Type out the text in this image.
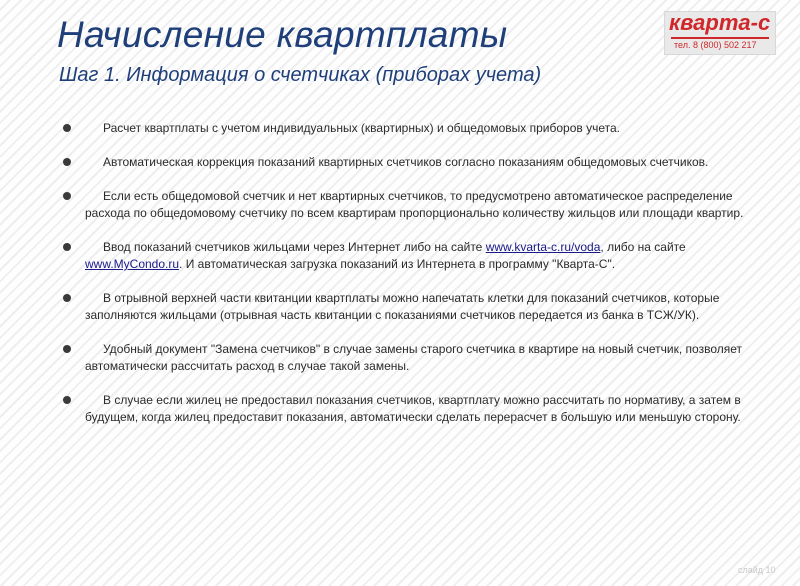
Начисление квартплаты
Шаг 1. Информация о счетчиках (приборах учета)
кварта-с
тел. 8 (800) 502 217
Расчет квартплаты с учетом индивидуальных (квартирных) и общедомовых приборов учета.
Автоматическая коррекция показаний квартирных счетчиков согласно показаниям общедомовых счетчиков.
Если есть общедомовой счетчик и нет квартирных счетчиков, то предусмотрено автоматическое распределение расхода по общедомовому счетчику по всем квартирам пропорционально количеству жильцов или площади квартир.
Ввод показаний счетчиков жильцами через Интернет либо на сайте www.kvarta-c.ru/voda, либо на сайте www.MyCondo.ru. И автоматическая загрузка показаний из Интернета в программу "Кварта-С".
В отрывной верхней части квитанции квартплаты можно напечатать клетки для показаний счетчиков, которые заполняются жильцами (отрывная часть квитанции с показаниями счетчиков передается из банка в ТСЖ/УК).
Удобный документ "Замена счетчиков" в случае замены старого счетчика в квартире на новый счетчик, позволяет автоматически рассчитать расход в случае такой замены.
В случае если жилец не предоставил показания счетчиков, квартплату можно рассчитать по нормативу, а затем в будущем, когда жилец предоставит показания, автоматически сделать перерасчет в большую или меньшую сторону.
слайд 10
